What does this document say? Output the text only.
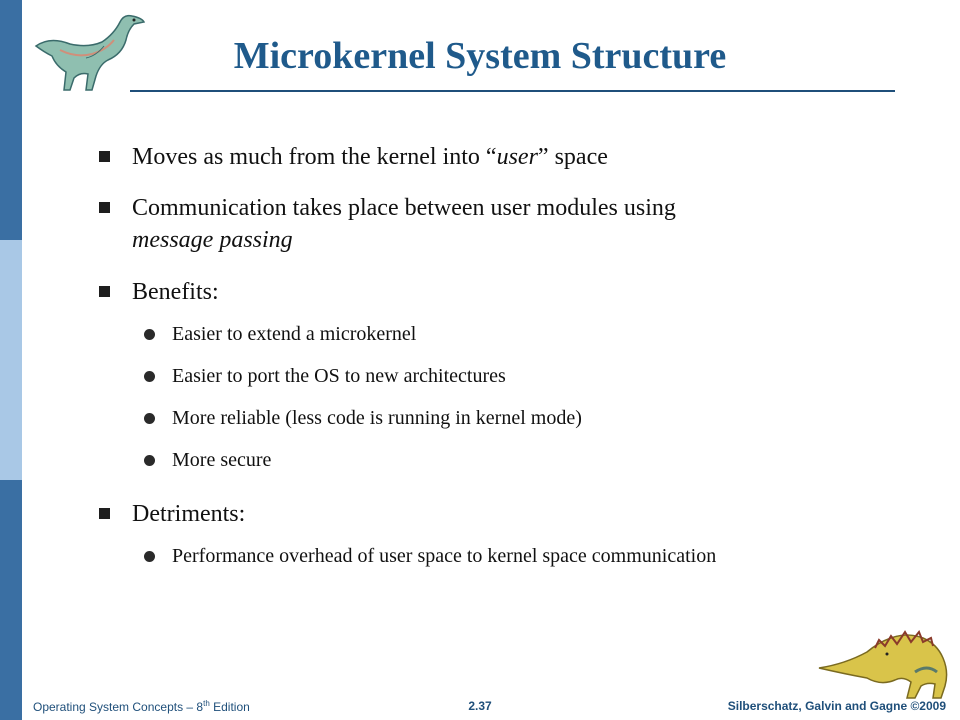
Microkernel System Structure
Moves as much from the kernel into “user” space
Communication takes place between user modules using
message passing
Benefits:
Easier to extend a microkernel
Easier to port the OS to new architectures
More reliable (less code is running in kernel mode)
More secure
Detriments:
Performance overhead of user space to kernel space communication
Operating System Concepts – 8th Edition	2.37	Silberschatz, Galvin and Gagne ©2009
